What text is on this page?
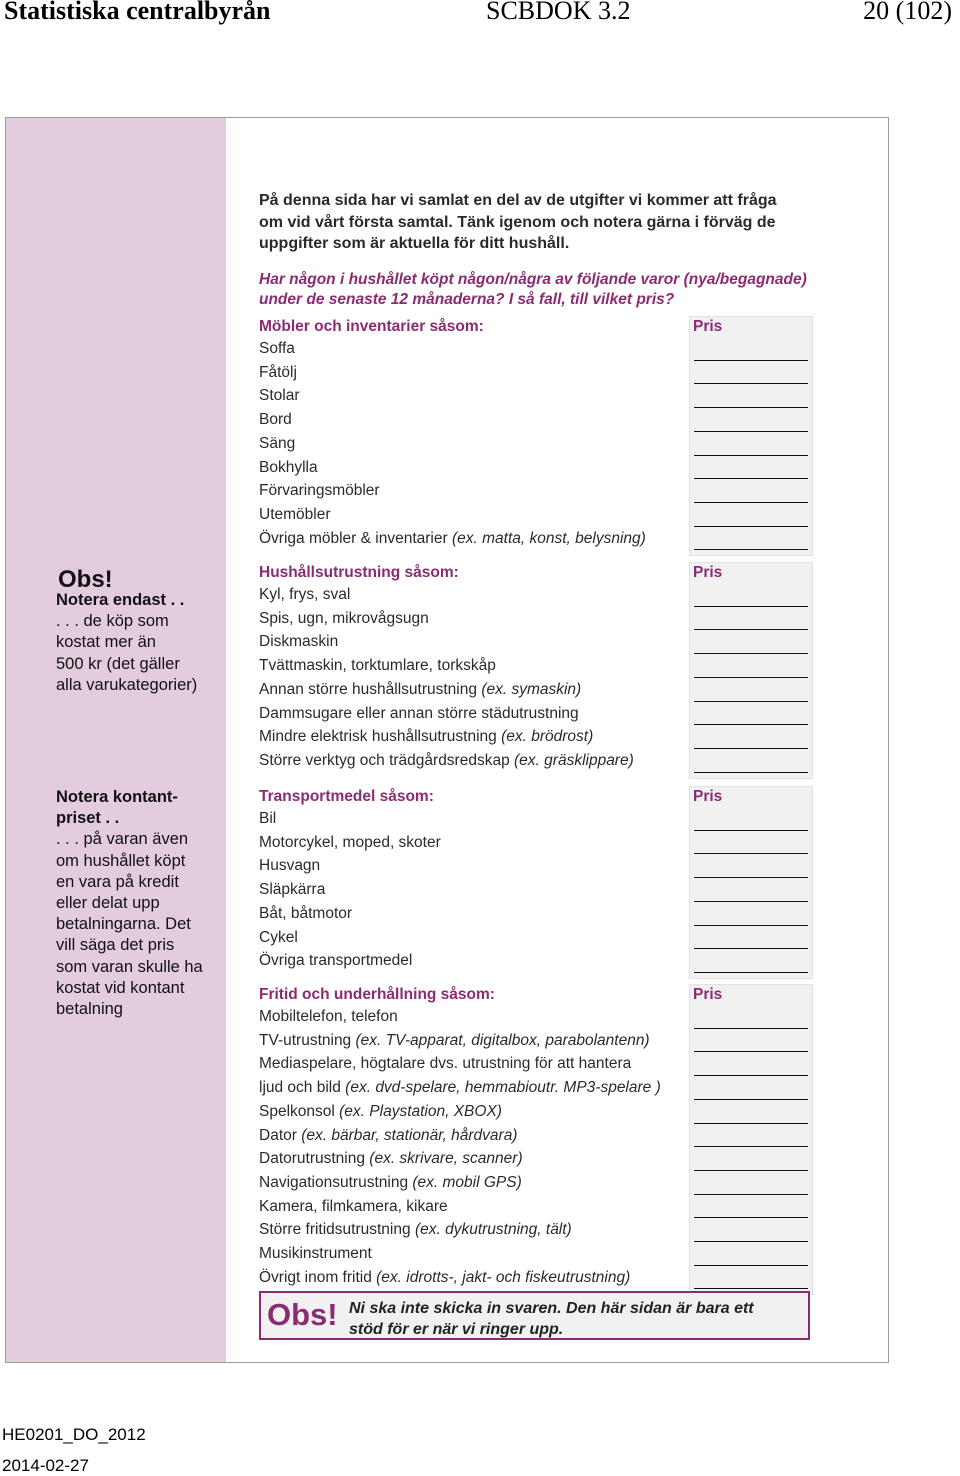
Statistiska centralbyrån	SCBDOK 3.2	20 (102)
Obs!
Notera endast . .
. . . de köp som
kostat mer än
500 kr (det gäller
alla varukategorier)
Notera kontant-
priset . .
. . . på varan även
om hushållet köpt
en vara på kredit
eller delat upp
betalningarna. Det
vill säga det pris
som varan skulle ha
kostat vid kontant
betalning
På denna sida har vi samlat en del av de utgifter vi kommer att fråga
om vid vårt första samtal. Tänk igenom och notera gärna i förväg de
uppgifter som är aktuella för ditt hushåll.
Har någon i hushållet köpt någon/några av följande varor (nya/begagnade)
under de senaste 12 månaderna? I så fall, till vilket pris?
Möbler och inventarier såsom:
Soffa
Fåtölj
Stolar
Bord
Säng
Bokhylla
Förvaringsmöbler
Utemöbler
Övriga möbler & inventarier (ex. matta, konst, belysning)
Pris
Hushållsutrustning såsom:
Kyl, frys, sval
Spis, ugn, mikrovågsugn
Diskmaskin
Tvättmaskin, torktumlare, torkskåp
Annan större hushållsutrustning (ex. symaskin)
Dammsugare eller annan större städutrustning
Mindre elektrisk hushållsutrustning (ex. brödrost)
Större verktyg och trädgårdsredskap (ex. gräsklippare)
Pris
Transportmedel såsom:
Bil
Motorcykel, moped, skoter
Husvagn
Släpkärra
Båt, båtmotor
Cykel
Övriga transportmedel
Pris
Fritid och underhållning såsom:
Mobiltelefon, telefon
TV-utrustning (ex. TV-apparat, digitalbox, parabolantenn)
Mediaspelare, högtalare dvs. utrustning för att hantera
ljud och bild (ex. dvd-spelare, hemmabioutr. MP3-spelare )
Spelkonsol (ex. Playstation, XBOX)
Dator (ex. bärbar, stationär, hårdvara)
Datorutrustning (ex. skrivare, scanner)
Navigationsutrustning (ex. mobil GPS)
Kamera, filmkamera, kikare
Större fritidsutrustning (ex. dykutrustning, tält)
Musikinstrument
Övrigt inom fritid (ex. idrotts-, jakt- och fiskeutrustning)
Pris
Obs! Ni ska inte skicka in svaren. Den här sidan är bara ett
stöd för er när vi ringer upp.
HE0201_DO_2012
2014-02-27
